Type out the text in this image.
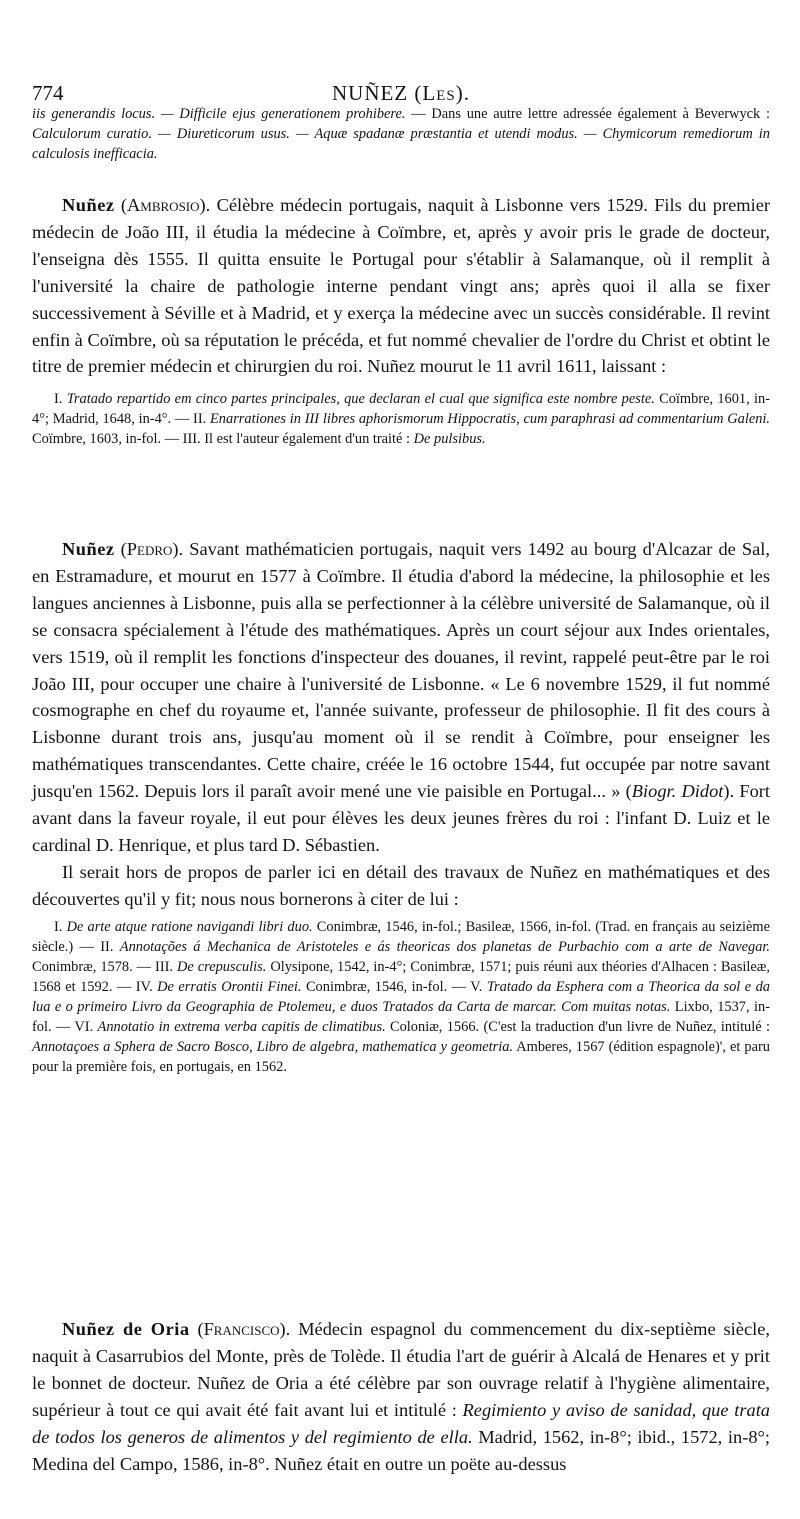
774	NUÑEZ (Les).

iis generandis locus. — Difficile ejus generationem prohibere. — Dans une autre lettre adressée également à Beverwyck : Calculorum curatio. — Diureticorum usus. — Aquæ spadanæ præstantia et utendi modus. — Chymicorum remediorum in calculosis inefficacia.

Nuñez (Ambrosio). Célèbre médecin portugais, naquit à Lisbonne vers 1529. Fils du premier médecin de João III, il étudia la médecine à Coïmbre, et, après y avoir pris le grade de docteur, l'enseigna dès 1555. Il quitta ensuite le Portugal pour s'établir à Salamanque, où il remplit à l'université la chaire de pathologie interne pendant vingt ans; après quoi il alla se fixer successivement à Séville et à Madrid, et y exerça la médecine avec un succès considérable. Il revint enfin à Coïmbre, où sa réputation le précéda, et fut nommé chevalier de l'ordre du Christ et obtint le titre de premier médecin et chirurgien du roi. Nuñez mourut le 11 avril 1611, laissant :

I. Tratado repartido em cinco partes principales, que declaran el cual que significa este nombre peste. Coïmbre, 1601, in-4°; Madrid, 1648, in-4°. — II. Enarrationes in III libres aphorismorum Hippocratis, cum paraphrasi ad commentarium Galeni. Coïmbre, 1603, in-fol. — III. Il est l'auteur également d'un traité : De pulsibus.

Nuñez (Pedro). Savant mathématicien portugais, naquit vers 1492 au bourg d'Alcazar de Sal, en Estramadure, et mourut en 1577 à Coïmbre. Il étudia d'abord la médecine, la philosophie et les langues anciennes à Lisbonne, puis alla se perfectionner à la célèbre université de Salamanque, où il se consacra spécialement à l'étude des mathématiques. Après un court séjour aux Indes orientales, vers 1519, où il remplit les fonctions d'inspecteur des douanes, il revint, rappelé peut-être par le roi João III, pour occuper une chaire à l'université de Lisbonne. « Le 6 novembre 1529, il fut nommé cosmographe en chef du royaume et, l'année suivante, professeur de philosophie. Il fit des cours à Lisbonne durant trois ans, jusqu'au moment où il se rendit à Coïmbre, pour enseigner les mathématiques transcendantes. Cette chaire, créée le 16 octobre 1544, fut occupée par notre savant jusqu'en 1562. Depuis lors il paraît avoir mené une vie paisible en Portugal... » (Biogr. Didot). Fort avant dans la faveur royale, il eut pour élèves les deux jeunes frères du roi : l'infant D. Luiz et le cardinal D. Henrique, et plus tard D. Sébastien.

Il serait hors de propos de parler ici en détail des travaux de Nuñez en mathématiques et des découvertes qu'il y fit; nous nous bornerons à citer de lui :

I. De arte atque ratione navigandi libri duo. Conimbræ, 1546, in-fol.; Basileæ, 1566, in-fol. (Trad. en français au seizième siècle.) — II. Annotações á Mechanica de Aristoteles e ás theoricas dos planetas de Purbachio com a arte de Navegar. Conimbræ, 1578. — III. De crepusculis. Olysipone, 1542, in-4°; Conimbræ, 1571; puis réuni aux théories d'Alhacen : Basileæ, 1568 et 1592. — IV. De erratis Orontii Finei. Conimbræ, 1546, in-fol. — V. Tratado da Esphera com a Theorica da sol e da lua e o primeiro Livro da Geographia de Ptolemeu, e duos Tratados da Carta de marcar. Com muitas notas. Lixbo, 1537, in-fol. — VI. Annotatio in extrema verba capitis de climatibus. Coloniæ, 1566. (C'est la traduction d'un livre de Nuñez, intitulé : Annotaçoes a Sphera de Sacro Bosco, Libro de algebra, mathematica y geometria. Amberes, 1567 (édition espagnole)', et paru pour la première fois, en portugais, en 1562.

Nuñez de Oria (Francisco). Médecin espagnol du commencement du dix-septième siècle, naquit à Casarrubios del Monte, près de Tolède. Il étudia l'art de guérir à Alcalá de Henares et y prit le bonnet de docteur. Nuñez de Oria a été célèbre par son ouvrage relatif à l'hygiène alimentaire, supérieur à tout ce qui avait été fait avant lui et intitulé : Regimiento y aviso de sanidad, que trata de todos los generos de alimentos y del regimiento de ella. Madrid, 1562, in-8°; ibid., 1572, in-8°; Medina del Campo, 1586, in-8°. Nuñez était en outre un poëte au-dessus
